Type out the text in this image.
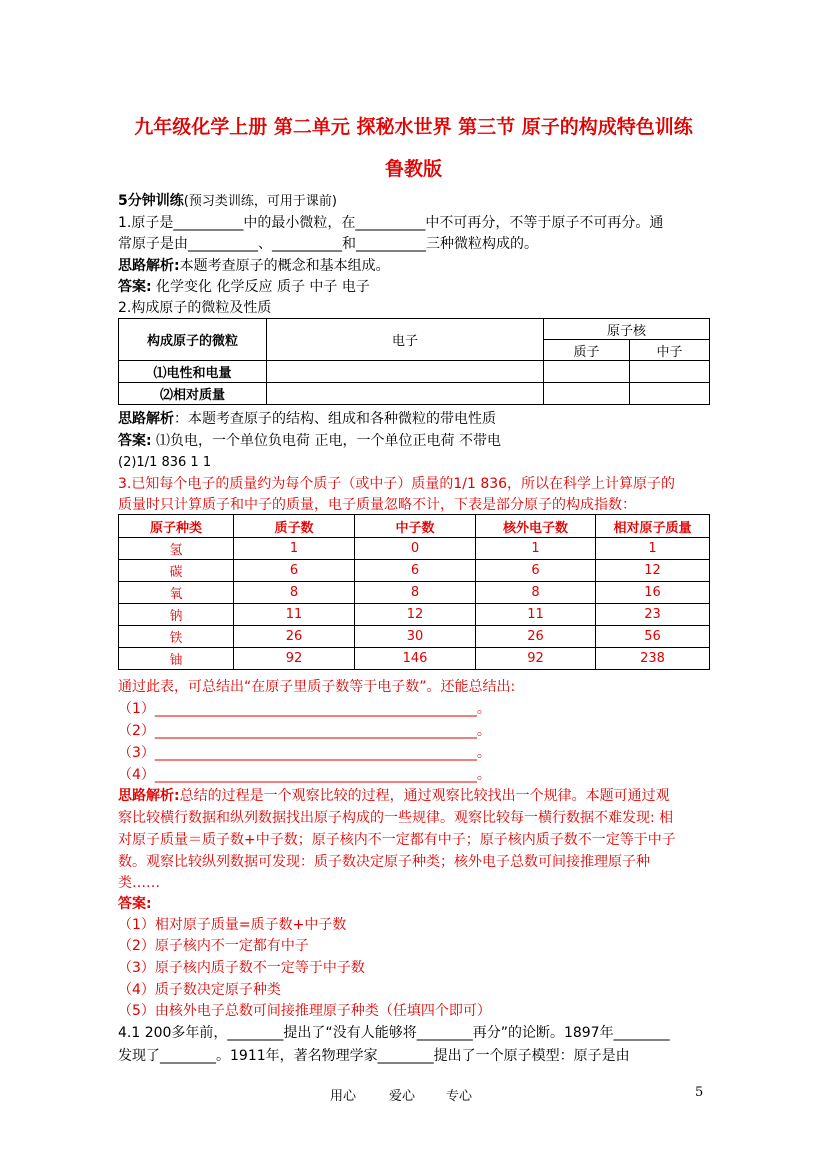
九年级化学上册 第二单元 探秘水世界 第三节 原子的构成特色训练
鲁教版
5分钟训练(预习类训练，可用于课前)
1.原子是__________中的最小微粒，在__________中不可再分，不等于原子不可再分。通
常原子是由__________、__________和__________三种微粒构成的。
思路解析:本题考查原子的概念和基本组成。
答案: 化学变化 化学反应 质子 中子 电子
2.构成原子的微粒及性质
构成原子的微粒	电子	原子核	
		质子	中子
⑴电性和电量			
⑵相对质量			
思路解析：本题考查原子的结构、组成和各种微粒的带电性质
答案: ⑴负电，一个单位负电荷 正电，一个单位正电荷 不带电
(2)1/1 836 1 1
3.已知每个电子的质量约为每个质子（或中子）质量的1/1 836，所以在科学上计算原子的
质量时只计算质子和中子的质量，电子质量忽略不计，下表是部分原子的构成指数：
原子种类	质子数	中子数	核外电子数	相对原子质量
氢	1	0	1	1
碳	6	6	6	12
氧	8	8	8	16
钠	11	12	11	23
铁	26	30	26	56
铀	92	146	92	238
通过此表，可总结出“在原子里质子数等于电子数”。还能总结出:
（1）______________________________________________。
（2）______________________________________________。
（3）______________________________________________。
（4）______________________________________________。
思路解析:总结的过程是一个观察比较的过程，通过观察比较找出一个规律。本题可通过观
察比较横行数据和纵列数据找出原子构成的一些规律。观察比较每一横行数据不难发现: 相
对原子质量＝质子数+中子数；原子核内不一定都有中子；原子核内质子数不一定等于中子
数。观察比较纵列数据可发现：质子数决定原子种类；核外电子总数可间接推理原子种
类……
答案:
（1）相对原子质量=质子数+中子数
（2）原子核内不一定都有中子
（3）原子核内质子数不一定等于中子数
（4）质子数决定原子种类
（5）由核外电子总数可间接推理原子种类（任填四个即可）
4.1 200多年前，________提出了“没有人能够将________再分”的论断。1897年________
发现了________。1911年，著名物理学家________提出了一个原子模型：原子是由
用心	爱心 专心	5
